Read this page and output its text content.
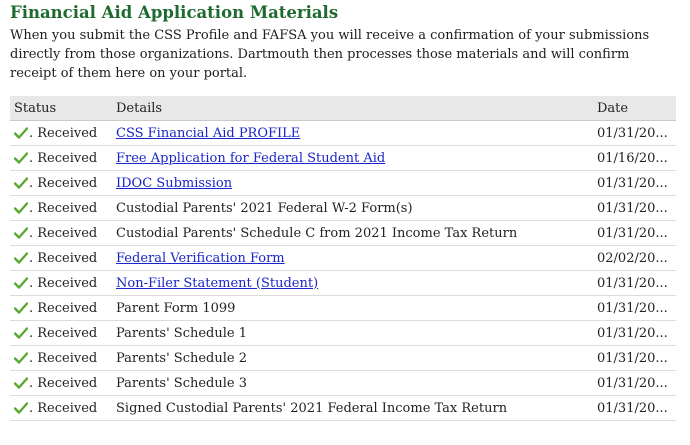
Financial Aid Application Materials

When you submit the CSS Profile and FAFSA you will receive a confirmation of your submissions directly from those organizations. Dartmouth then processes those materials and will confirm receipt of them here on your portal.

Status	Details	Date

. Received	CSS Financial Aid PROFILE	01/31/20...

. Received	Free Application for Federal Student Aid	01/16/20...

. Received	IDOC Submission	01/31/20...

. Received	Custodial Parents' 2021 Federal W-2 Form(s)	01/31/20...

. Received	Custodial Parents' Schedule C from 2021 Income Tax Return	01/31/20...

. Received	Federal Verification Form	02/02/20...

. Received	Non-Filer Statement (Student)	01/31/20...

. Received	Parent Form 1099	01/31/20...

. Received	Parents' Schedule 1	01/31/20...

. Received	Parents' Schedule 2	01/31/20...

. Received	Parents' Schedule 3	01/31/20...

. Received	Signed Custodial Parents' 2021 Federal Income Tax Return	01/31/20...
